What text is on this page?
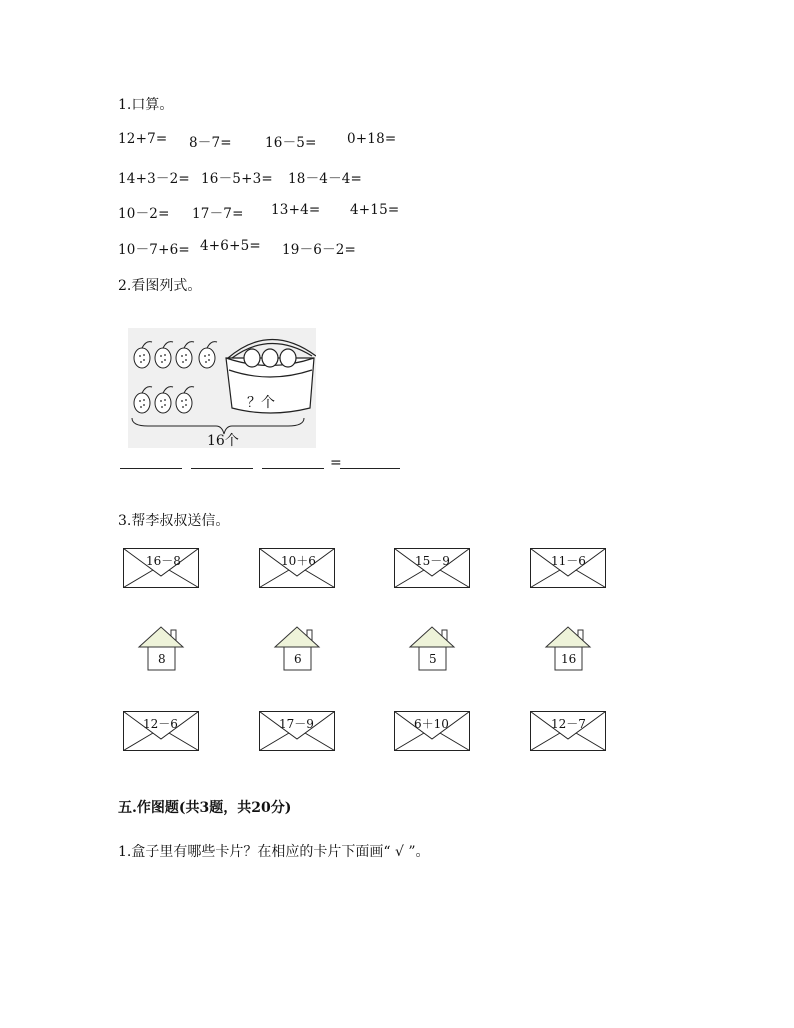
1.口算。
12+7= 8－7= 16－5= 0+18=
14+3－2= 16－5+3= 18－4－4=
10－2= 17－7= 13+4= 4+15=
10－7+6= 4+6+5= 19－6－2=
2.看图列式。
？个
16个
=
3.帮李叔叔送信。
16－8	10＋6	15－9	11－6
8	6	5	16
12－6	17－9	6＋10	12－7
五.作图题(共3题，共20分)
1.盒子里有哪些卡片？在相应的卡片下面画“ √ ”。
